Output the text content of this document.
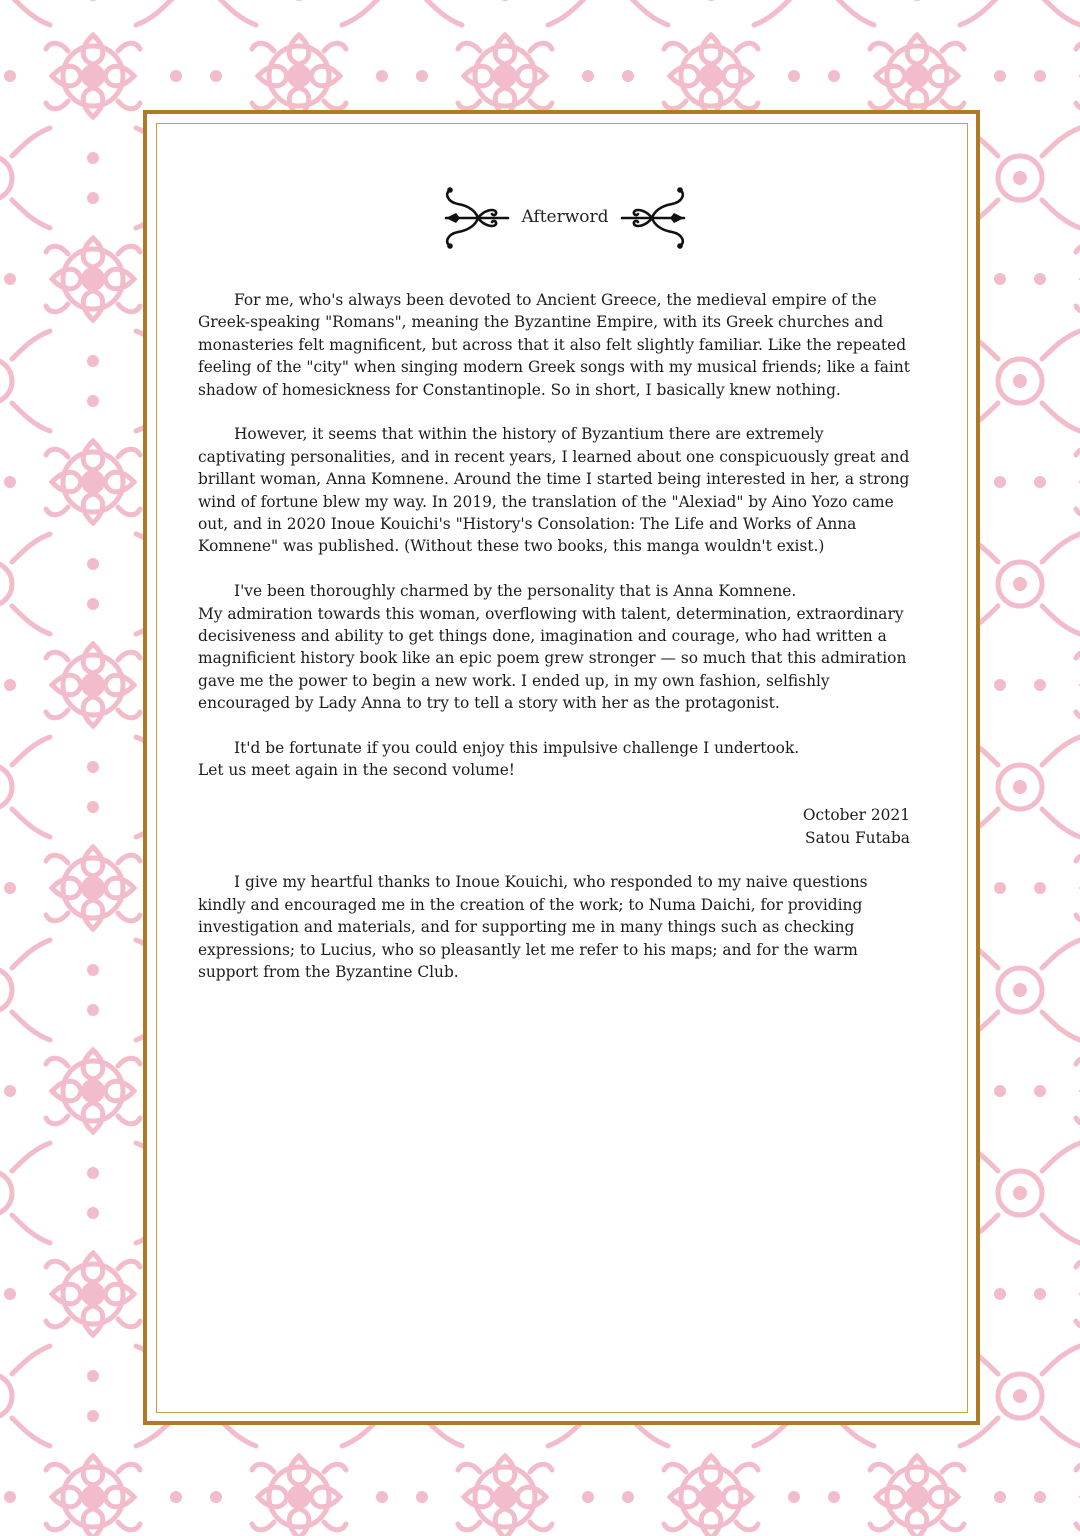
Afterword

For me, who's always been devoted to Ancient Greece, the medieval empire of the Greek-speaking "Romans", meaning the Byzantine Empire, with its Greek churches and monasteries felt magnificent, but across that it also felt slightly familiar. Like the repeated feeling of the "city" when singing modern Greek songs with my musical friends; like a faint shadow of homesickness for Constantinople. So in short, I basically knew nothing.

However, it seems that within the history of Byzantium there are extremely captivating personalities, and in recent years, I learned about one conspicuously great and brillant woman, Anna Komnene. Around the time I started being interested in her, a strong wind of fortune blew my way. In 2019, the translation of the "Alexiad" by Aino Yozo came out, and in 2020 Inoue Kouichi's "History's Consolation: The Life and Works of Anna Komnene" was published. (Without these two books, this manga wouldn't exist.)

I've been thoroughly charmed by the personality that is Anna Komnene.
My admiration towards this woman, overflowing with talent, determination, extraordinary decisiveness and ability to get things done, imagination and courage, who had written a magnificient history book like an epic poem grew stronger — so much that this admiration gave me the power to begin a new work. I ended up, in my own fashion, selfishly encouraged by Lady Anna to try to tell a story with her as the protagonist.

It'd be fortunate if you could enjoy this impulsive challenge I undertook.
Let us meet again in the second volume!

October 2021
Satou Futaba

I give my heartful thanks to Inoue Kouichi, who responded to my naive questions kindly and encouraged me in the creation of the work; to Numa Daichi, for providing investigation and materials, and for supporting me in many things such as checking expressions; to Lucius, who so pleasantly let me refer to his maps; and for the warm support from the Byzantine Club.
